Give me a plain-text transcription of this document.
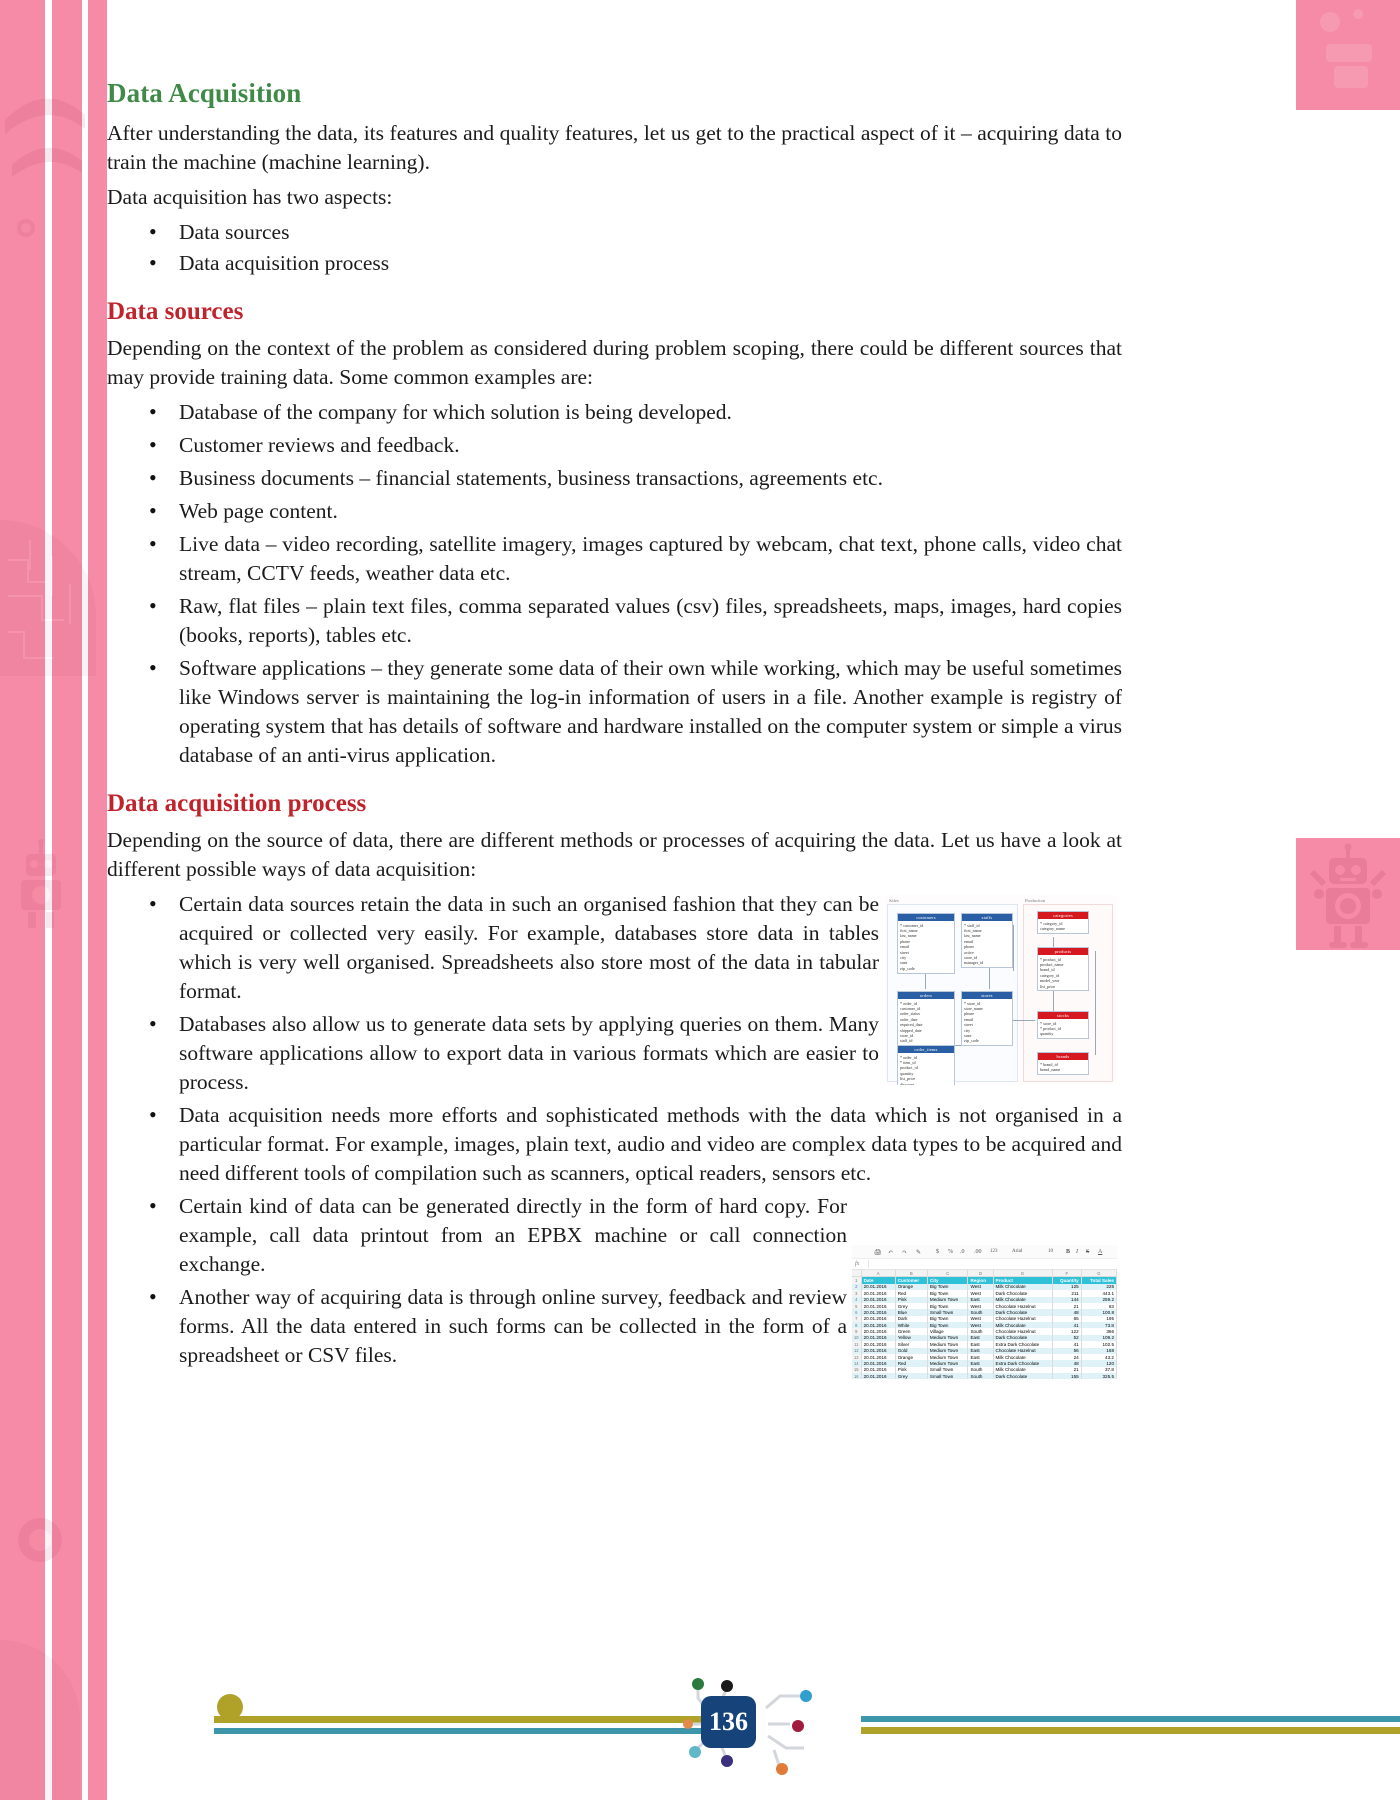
Data Acquisition

After understanding the data, its features and quality features, let us get to the practical aspect of it – acquiring data to train the machine (machine learning).

Data acquisition has two aspects:

• Data sources
• Data acquisition process
Data sources

Depending on the context of the problem as considered during problem scoping, there could be different sources that may provide training data. Some common examples are:

• Database of the company for which solution is being developed.
• Customer reviews and feedback.
• Business documents – financial statements, business transactions, agreements etc.
• Web page content.
• Live data – video recording, satellite imagery, images captured by webcam, chat text, phone calls, video chat stream, CCTV feeds, weather data etc.
• Raw, flat files – plain text files, comma separated values (csv) files, spreadsheets, maps, images, hard copies (books, reports), tables etc.
• Software applications – they generate some data of their own while working, which may be useful sometimes like Windows server is maintaining the log-in information of users in a file. Another example is registry of operating system that has details of software and hardware installed on the computer system or simple a virus database of an anti-virus application.
Data acquisition process

Depending on the source of data, there are different methods or processes of acquiring the data. Let us have a look at different possible ways of data acquisition:

• Certain data sources retain the data in such an organised fashion that they can be acquired or collected very easily. For example, databases store data in tables which is very well organised. Spreadsheets also store most of the data in tabular format.
• Databases also allow us to generate data sets by applying queries on them. Many software applications allow to export data in various formats which are easier to process.
• Data acquisition needs more efforts and sophisticated methods with the data which is not organised in a particular format. For example, images, plain text, audio and video are complex data types to be acquired and need different tools of compilation such as scanners, optical readers, sensors etc.
• Certain kind of data can be generated directly in the form of hard copy. For example, call data printout from an EPBX machine or call connection exchange.
• Another way of acquiring data is through online survey, feedback and review forms. All the data entered in such forms can be collected in the form of a spreadsheet or CSV files.
Sales	Production
customers
* customer_id
first_name
last_name
phone
email
street
city
state
zip_code
staffs
* staff_id
first_name
last_name
email
phone
active
store_id
manager_id
orders
* order_id
customer_id
order_status
order_date
required_date
shipped_date
store_id
staff_id
stores
* store_id
store_name
phone
email
street
city
state
zip_code
order_items
* order_id
* item_id
product_id
quantity
list_price
discount
categories
* category_id
category_name
products
* product_id
product_name
brand_id
category_id
model_year
list_price
stocks
* store_id
* product_id
quantity
brands
* brand_id
brand_name
🖨 ↶ ↷ ✎ $ % .0 .00 123	Arial	10 B I S A
fx
	A	B	C	D	E	F	G
1	Date	Customer	City	Region	Product	Quantity	Total Sales
2	20.01.2016	Orange	Big Town	West	Milk Chocolate	125	225
3	20.01.2016	Red	Big Town	West	Dark Chocolate	211	443.1
4	20.01.2016	Pink	Medium Town	East	Milk Chocolate	144	259.2
5	20.01.2016	Grey	Big Town	West	Chocolate Hazelnut	21	63
6	20.01.2016	Blue	Small Town	South	Dark Chocolate	48	100.8
7	20.01.2016	Dark	Big Town	West	Chocolate Hazelnut	65	195
8	20.01.2016	White	Big Town	West	Milk Chocolate	41	73.8
9	20.01.2016	Green	Village	South	Chocolate Hazelnut	122	366
10	20.01.2016	Yellow	Medium Town	East	Dark Chocolate	52	109.2
11	20.01.2016	Silver	Medium Town	East	Extra Dark Chocolate	41	102.5
12	20.01.2016	Gold	Medium Town	East	Chocolate Hazelnut	56	168
13	20.01.2016	Orange	Medium Town	East	Milk Chocolate	24	43.2
14	20.01.2016	Red	Medium Town	East	Extra Dark Chocolate	48	120
15	20.01.2016	Pink	Small Town	South	Milk Chocolate	21	37.8
16	20.01.2016	Grey	Small Town	South	Dark Chocolate	155	325.5
136
